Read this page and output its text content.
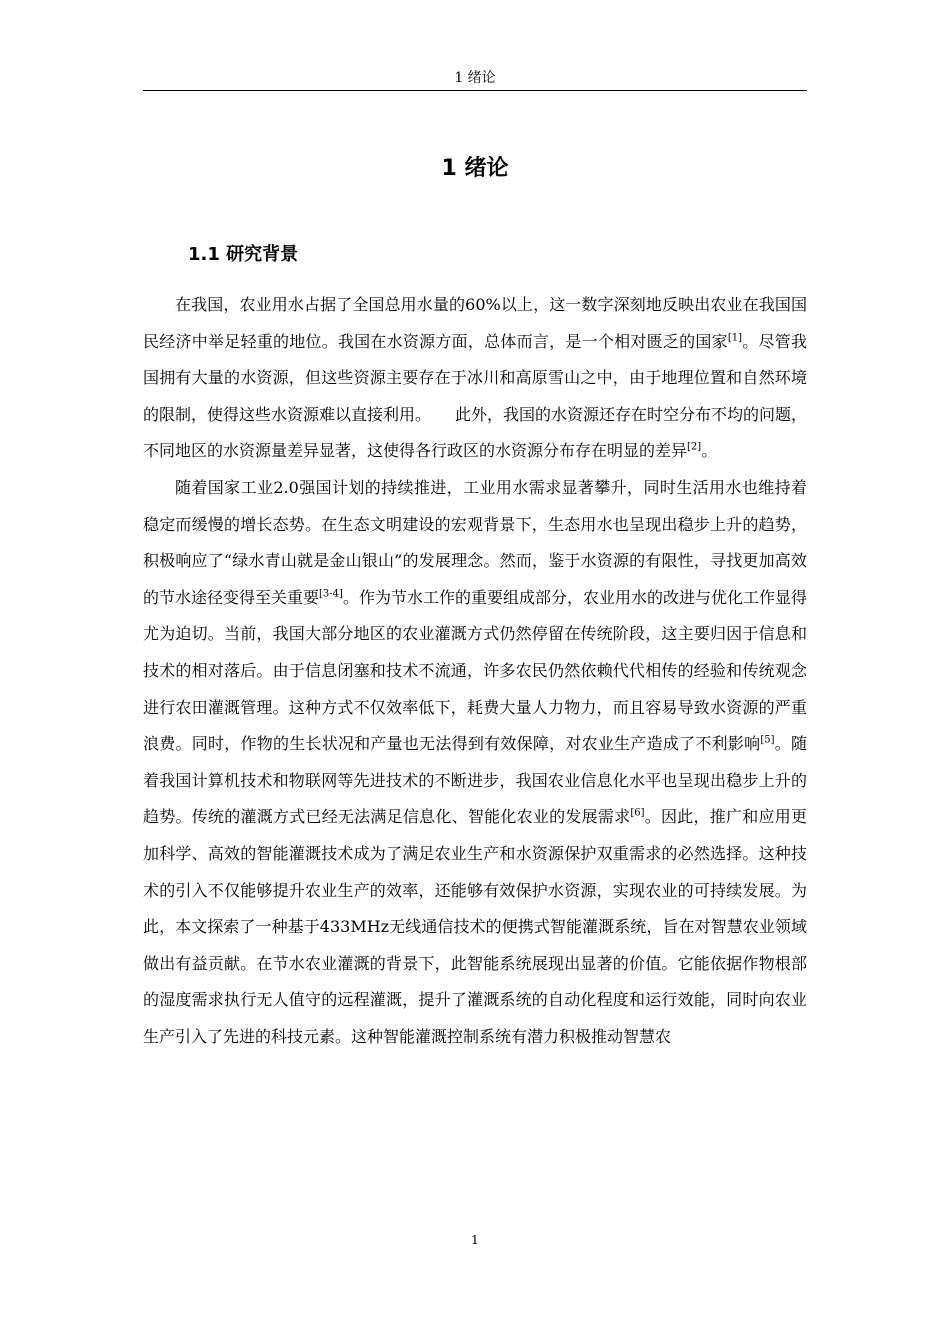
1 绪论
1 绪论
1.1 研究背景

在我国，农业用水占据了全国总用水量的60%以上，这一数字深刻地反映出农业在我国国民经济中举足轻重的地位。我国在水资源方面，总体而言，是一个相对匮乏的国家[1]。尽管我国拥有大量的水资源，但这些资源主要存在于冰川和高原雪山之中，由于地理位置和自然环境的限制，使得这些水资源难以直接利用。　　此外，我国的水资源还存在时空分布不均的问题，不同地区的水资源量差异显著，这使得各行政区的水资源分布存在明显的差异[2]。

随着国家工业2.0强国计划的持续推进，工业用水需求显著攀升，同时生活用水也维持着稳定而缓慢的增长态势。在生态文明建设的宏观背景下，生态用水也呈现出稳步上升的趋势，积极响应了“绿水青山就是金山银山”的发展理念。然而，鉴于水资源的有限性，寻找更加高效的节水途径变得至关重要[3-4]。作为节水工作的重要组成部分，农业用水的改进与优化工作显得尤为迫切。当前，我国大部分地区的农业灌溉方式仍然停留在传统阶段，这主要归因于信息和技术的相对落后。由于信息闭塞和技术不流通，许多农民仍然依赖代代相传的经验和传统观念进行农田灌溉管理。这种方式不仅效率低下，耗费大量人力物力，而且容易导致水资源的严重浪费。同时，作物的生长状况和产量也无法得到有效保障，对农业生产造成了不利影响[5]。随着我国计算机技术和物联网等先进技术的不断进步，我国农业信息化水平也呈现出稳步上升的趋势。传统的灌溉方式已经无法满足信息化、智能化农业的发展需求[6]。因此，推广和应用更加科学、高效的智能灌溉技术成为了满足农业生产和水资源保护双重需求的必然选择。这种技术的引入不仅能够提升农业生产的效率，还能够有效保护水资源，实现农业的可持续发展。为此，本文探索了一种基于433MHz无线通信技术的便携式智能灌溉系统，旨在对智慧农业领域做出有益贡献。在节水农业灌溉的背景下，此智能系统展现出显著的价值。它能依据作物根部的湿度需求执行无人值守的远程灌溉，提升了灌溉系统的自动化程度和运行效能，同时向农业生产引入了先进的科技元素。这种智能灌溉控制系统有潜力积极推动智慧农

1
